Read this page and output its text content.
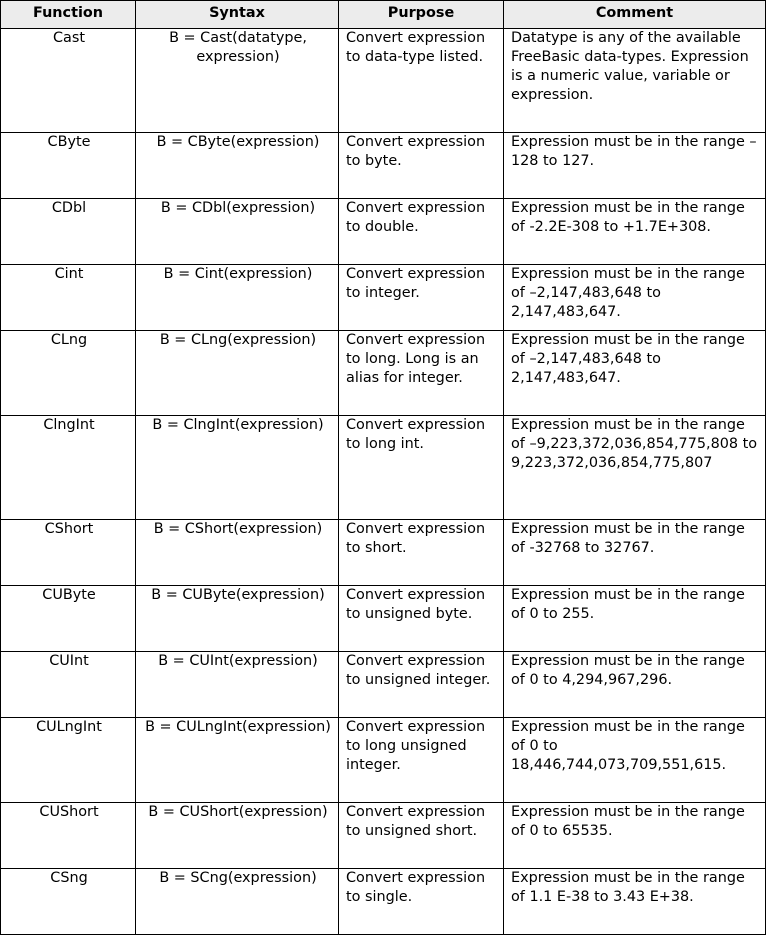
Function	Syntax	Purpose	Comment
Cast	B = Cast(datatype, expression)	Convert expression to data-type listed.	Datatype is any of the available FreeBasic data-types. Expression is a numeric value, variable or expression.
CByte	B = CByte(expression)	Convert expression to byte.	Expression must be in the range –128 to 127.
CDbl	B = CDbl(expression)	Convert expression to double.	Expression must be in the range of -2.2E-308 to +1.7E+308.
Cint	B = Cint(expression)	Convert expression to integer.	Expression must be in the range of –2,147,483,648 to 2,147,483,647.
CLng	B = CLng(expression)	Convert expression to long. Long is an alias for integer.	Expression must be in the range of –2,147,483,648 to 2,147,483,647.
ClngInt	B = ClngInt(expression)	Convert expression to long int.	Expression must be in the range of –9,223,372,036,854,775,808 to 9,223,372,036,854,775,807
CShort	B = CShort(expression)	Convert expression to short.	Expression must be in the range of -32768 to 32767.
CUByte	B = CUByte(expression)	Convert expression to unsigned byte.	Expression must be in the range of 0 to 255.
CUInt	B = CUInt(expression)	Convert expression to unsigned integer.	Expression must be in the range of 0 to 4,294,967,296.
CULngInt	B = CULngInt(expression)	Convert expression to long unsigned integer.	Expression must be in the range of 0 to 18,446,744,073,709,551,615.
CUShort	B = CUShort(expression)	Convert expression to unsigned short.	Expression must be in the range of 0 to 65535.
CSng	B = SCng(expression)	Convert expression to single.	Expression must be in the range of 1.1 E-38 to 3.43 E+38.
